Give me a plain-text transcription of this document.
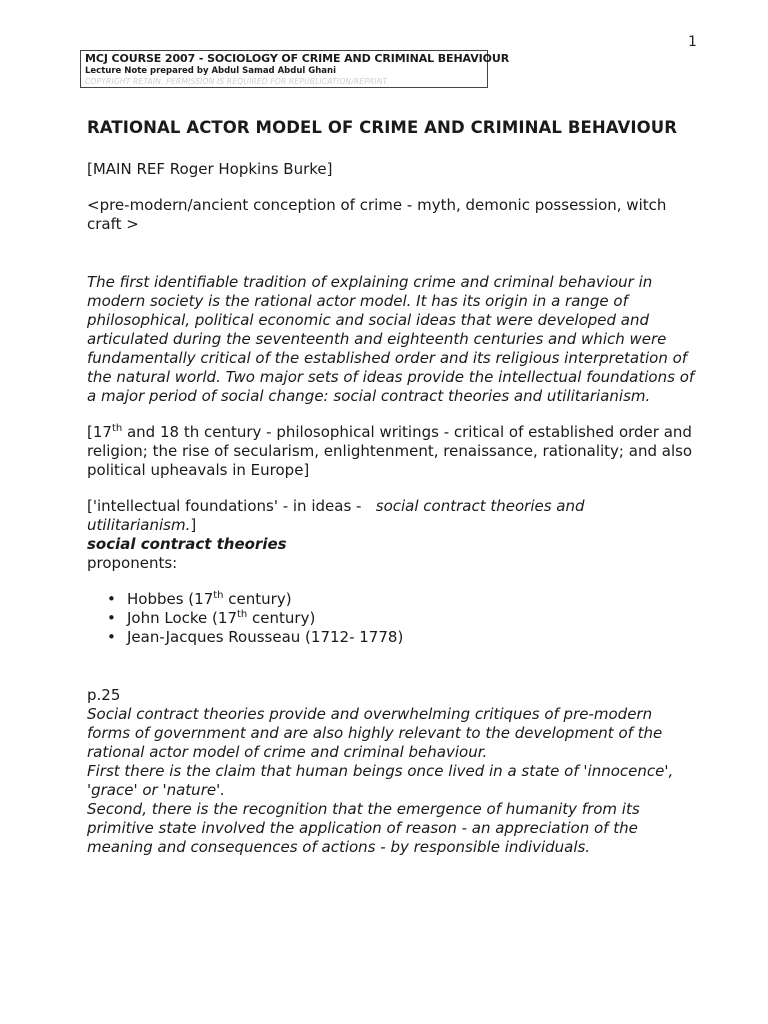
1
MCJ COURSE 2007 - SOCIOLOGY OF CRIME AND CRIMINAL BEHAVIOUR
Lecture Note prepared by Abdul Samad Abdul Ghani
COPYRIGHT RETAIN. PERMISSION IS REQUIRED FOR REPUBLICATION/REPRINT
RATIONAL ACTOR MODEL OF CRIME AND CRIMINAL BEHAVIOUR

[MAIN REF Roger Hopkins Burke]

<pre-modern/ancient conception of crime - myth, demonic possession, witch craft >

The first identifiable tradition of explaining crime and criminal behaviour in modern society is the rational actor model. It has its origin in a range of philosophical, political economic and social ideas that were developed and articulated during the seventeenth and eighteenth centuries and which were fundamentally critical of the established order and its religious interpretation of the natural world. Two major sets of ideas provide the intellectual foundations of a major period of social change: social contract theories and utilitarianism.

[17th and 18 th century - philosophical writings - critical of established order and religion; the rise of secularism, enlightenment, renaissance, rationality; and also political upheavals in Europe]

['intellectual foundations' - in ideas -   social contract theories and utilitarianism.]

social contract theories

proponents:

• Hobbes (17th century)
• John Locke (17th century)
• Jean-Jacques Rousseau (1712- 1778)

p.25

Social contract theories provide and overwhelming critiques of pre-modern forms of government and are also highly relevant to the development of the rational actor model of crime and criminal behaviour.

First there is the claim that human beings once lived in a state of 'innocence', 'grace' or 'nature'.

Second, there is the recognition that the emergence of humanity from its primitive state involved the application of reason - an appreciation of the meaning and consequences of actions - by responsible individuals.
